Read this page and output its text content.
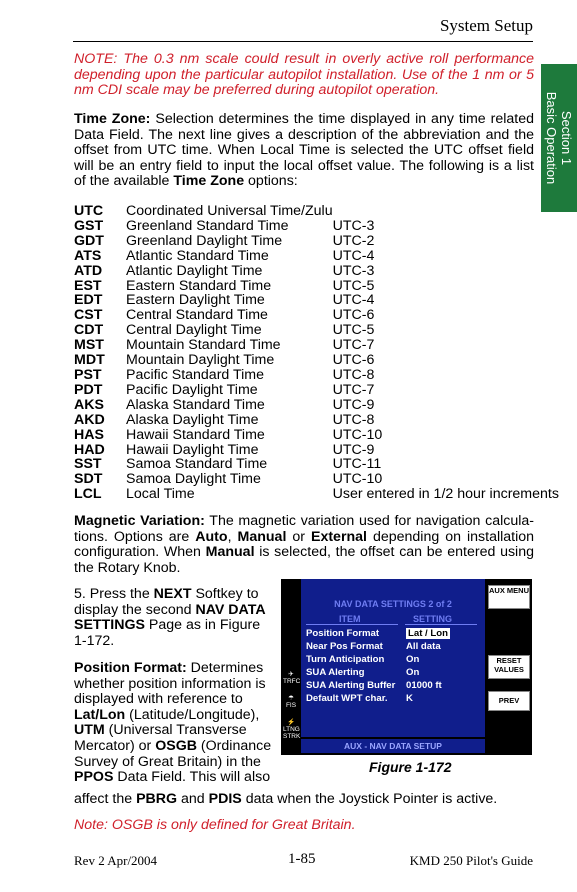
System Setup
Section 1
Basic Operation
NOTE: The 0.3 nm scale could result in overly active roll performance depending upon the particular autopilot installation. Use of the 1 nm or 5 nm CDI scale may be preferred during autopilot operation.
Time Zone: Selection determines the time displayed in any time related Data Field. The next line gives a description of the abbreviation and the offset from UTC time. When Local Time is selected the UTC offset field will be an entry field to input the local offset value. The following is a list of the available Time Zone options:
UTC	Coordinated Universal Time/Zulu	
GST	Greenland Standard Time	UTC-3
GDT	Greenland Daylight Time	UTC-2
ATS	Atlantic Standard Time	UTC-4
ATD	Atlantic Daylight Time	UTC-3
EST	Eastern Standard Time	UTC-5
EDT	Eastern Daylight Time	UTC-4
CST	Central Standard Time	UTC-6
CDT	Central Daylight Time	UTC-5
MST	Mountain Standard Time	UTC-7
MDT	Mountain Daylight Time	UTC-6
PST	Pacific Standard Time	UTC-8
PDT	Pacific Daylight Time	UTC-7
AKS	Alaska Standard Time	UTC-9
AKD	Alaska Daylight Time	UTC-8
HAS	Hawaii Standard Time	UTC-10
HAD	Hawaii Daylight Time	UTC-9
SST	Samoa Standard Time	UTC-11
SDT	Samoa Daylight Time	UTC-10
LCL	Local Time	User entered in 1/2 hour increments
Magnetic Variation: The magnetic variation used for navigation calcula-tions. Options are Auto, Manual or External depending on installation configuration. When Manual is selected, the offset can be entered using the Rotary Knob.
5. Press the NEXT Softkey to display the second NAV DATA SETTINGS Page as in Figure 1-172.
Position Format: Determines whether position information is displayed with reference to Lat/Lon (Latitude/Longitude), UTM (Universal Transverse Mercator) or OSGB (Ordinance Survey of Great Britain) in the PPOS Data Field. This will also
affect the PBRG and PDIS data when the Joystick Pointer is active.
Note: OSGB is only defined for Great Britain.
NAV DATA SETTINGS 2 of 2
ITEM	SETTING
Position Format	Lat / Lon
Near Pos Format All data
Turn Anticipation On
SUA Alerting	On
SUA Alerting Buffer 01000 ft
Default WPT char. K
AUX MENU
RESET VALUES
PREV
✈
TRFC
☂
FIS
⚡
LTNG STRK
AUX - NAV DATA SETUP
Figure 1-172
Rev 2 Apr/2004	1-85	KMD 250 Pilot's Guide
